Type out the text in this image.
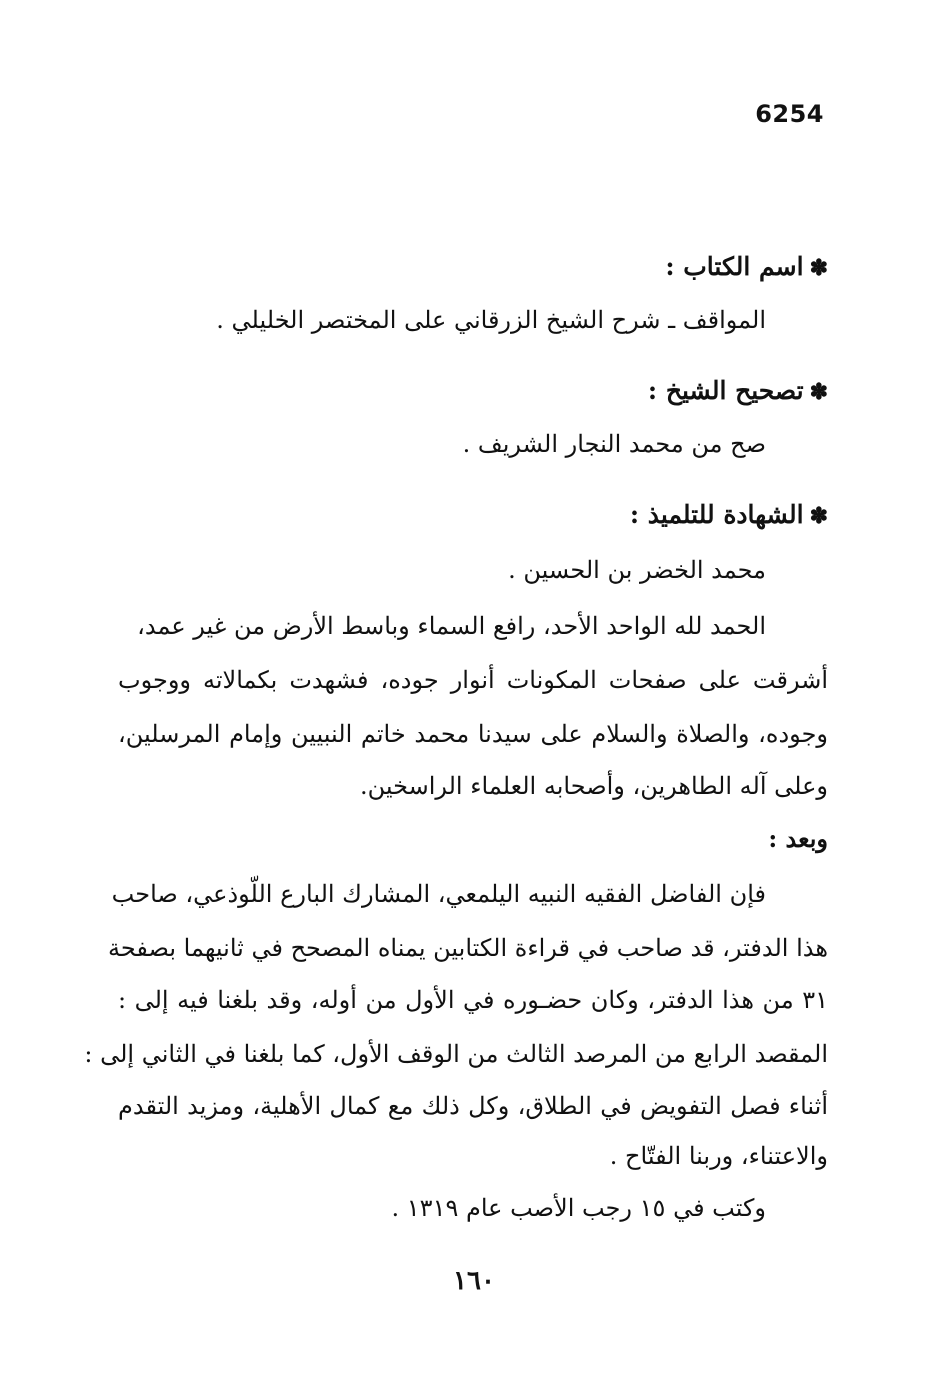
6254
✽اسم الكتاب :
المواقف ـ شرح الشيخ الزرقاني على المختصر الخليلي .
✽تصحيح الشيخ :
صح من محمد النجار الشريف .
✽الشهادة للتلميذ :
محمد الخضر بن الحسين .
الحمد لله الواحد الأحد، رافع السماء وباسط الأرض من غير عمد،
أشرقت على صفحات المكونات أنوار جوده، فشهدت بكمالاته ووجوب
وجوده، والصلاة والسلام على سيدنا محمد خاتم النبيين وإمام المرسلين،
وعلى آله الطاهرين، وأصحابه العلماء الراسخين.
وبعد :
فإن الفاضل الفقيه النبيه اليلمعي، المشارك البارع اللّوذعي، صاحب
هذا الدفتر، قد صاحب في قراءة الكتابين يمناه المصحح في ثانيهما بصفحة
٣١ من هذا الدفتر، وكان حضـوره في الأول من أوله، وقد بلغنا فيه إلى :
المقصد الرابع من المرصد الثالث من الوقف الأول، كما بلغنا في الثاني إلى :
أثناء فصل التفويض في الطلاق، وكل ذلك مع كمال الأهلية، ومزيد التقدم
والاعتناء، وربنا الفتّاح .
وكتب في ١٥ رجب الأصب عام ١٣١٩ .
١٦٠
